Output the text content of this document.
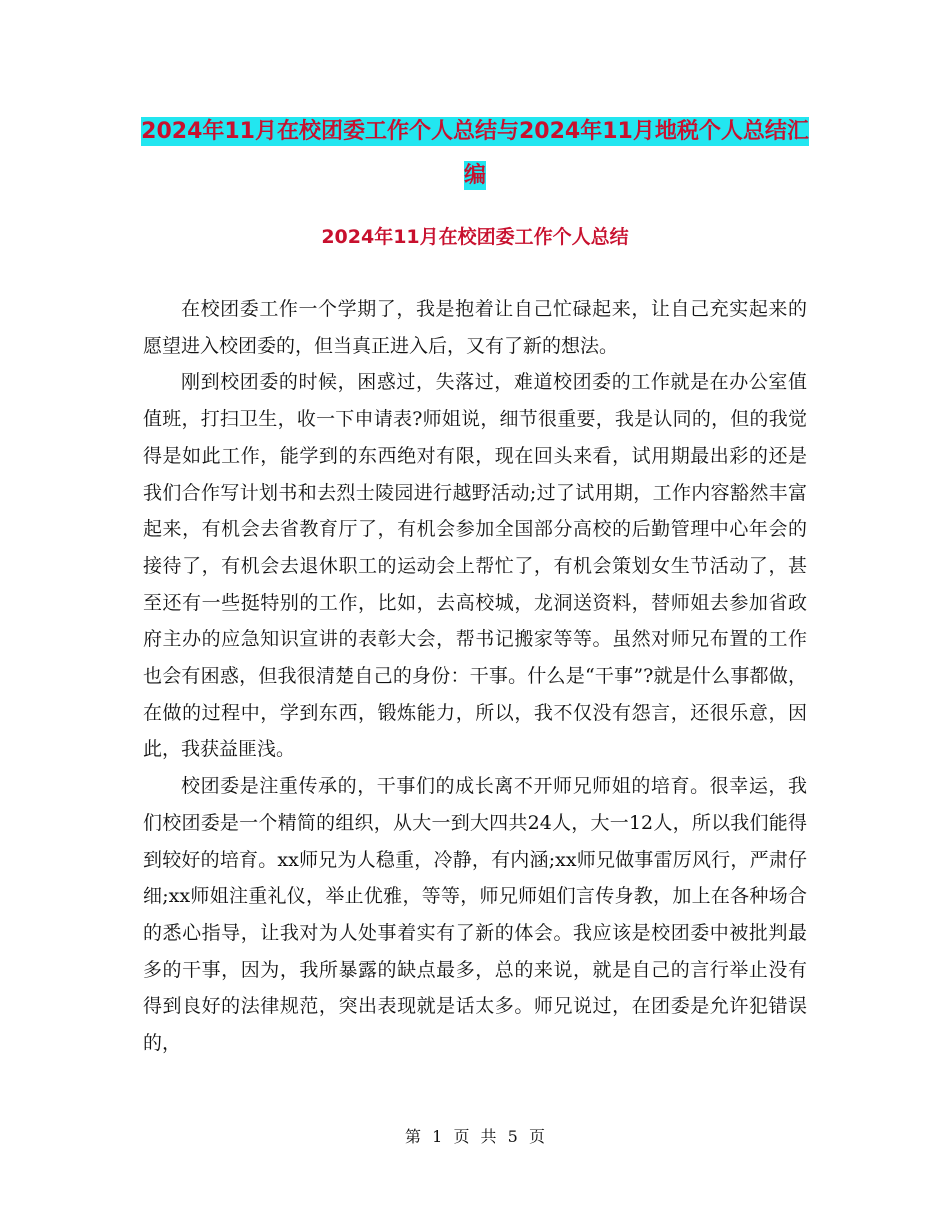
2024年11月在校团委工作个人总结与2024年11月地税个人总结汇编
2024年11月在校团委工作个人总结

在校团委工作一个学期了，我是抱着让自己忙碌起来，让自己充实起来的愿望进入校团委的，但当真正进入后，又有了新的想法。

刚到校团委的时候，困惑过，失落过，难道校团委的工作就是在办公室值值班，打扫卫生，收一下申请表?师姐说，细节很重要，我是认同的，但的我觉得是如此工作，能学到的东西绝对有限，现在回头来看，试用期最出彩的还是我们合作写计划书和去烈士陵园进行越野活动;过了试用期，工作内容豁然丰富起来，有机会去省教育厅了，有机会参加全国部分高校的后勤管理中心年会的接待了，有机会去退休职工的运动会上帮忙了，有机会策划女生节活动了，甚至还有一些挺特别的工作，比如，去高校城，龙洞送资料，替师姐去参加省政府主办的应急知识宣讲的表彰大会，帮书记搬家等等。虽然对师兄布置的工作也会有困惑，但我很清楚自己的身份：干事。什么是“干事”?就是什么事都做，在做的过程中，学到东西，锻炼能力，所以，我不仅没有怨言，还很乐意，因此，我获益匪浅。

校团委是注重传承的，干事们的成长离不开师兄师姐的培育。很幸运，我们校团委是一个精简的组织，从大一到大四共24人，大一12人，所以我们能得到较好的培育。xx师兄为人稳重，冷静，有内涵;xx师兄做事雷厉风行，严肃仔细;xx师姐注重礼仪，举止优雅，等等，师兄师姐们言传身教，加上在各种场合的悉心指导，让我对为人处事着实有了新的体会。我应该是校团委中被批判最多的干事，因为，我所暴露的缺点最多，总的来说，就是自己的言行举止没有得到良好的法律规范，突出表现就是话太多。师兄说过，在团委是允许犯错误的，

第 1 页 共 5 页
